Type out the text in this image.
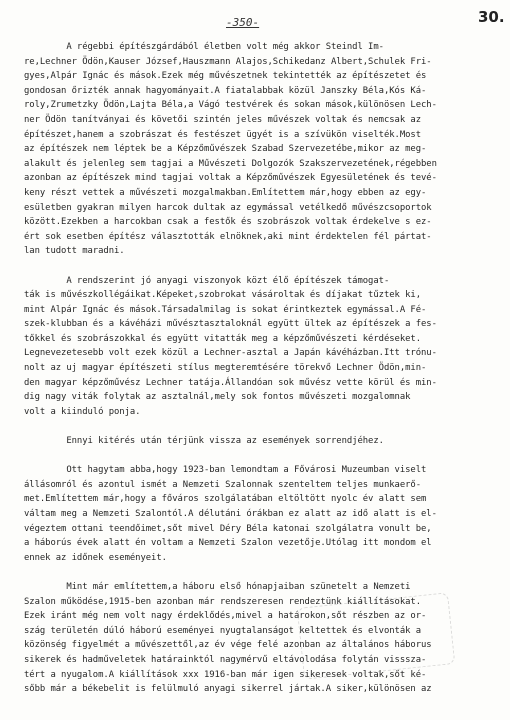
30.
-350-
A régebbi építészgárdából életben volt még akkor Steindl Im-
re,Lechner Ödön,Kauser József,Hauszmann Alajos,Schikedanz Albert,Schulek Fri-
gyes,Alpár Ignác és mások.Ezek még művészetnek tekintették az építészetet és
gondosan őrizték annak hagyományait.A fiatalabbak közül Janszky Béla,Kós Ká-
roly,Zrumetzky Ödön,Lajta Béla,a Vágó testvérek és sokan mások,különösen Lech-
ner Ödön tanítványai és követői szintén jeles művészek voltak és nemcsak az
építészet,hanem a szobrászat és festészet ügyét is a szívükön viselték.Most
az építészek nem léptek be a Képzőművészek Szabad Szervezetébe,mikor az meg-
alakult és jelenleg sem tagjai a Művészeti Dolgozók Szakszervezetének,régebben
azonban az építészek mind tagjai voltak a Képzőművészek Egyesületének és tevé-
keny részt vettek a művészeti mozgalmakban.Említettem már,hogy ebben az egy-
esületben gyakran milyen harcok dultak az egymással vetélkedő művészcsoportok
között.Ezekben a harcokban csak a festők és szobrászok voltak érdekelve s ez-
ért sok esetben építész választották elnöknek,aki mint érdektelen fél pártat-
lan tudott maradni.
A rendszerint jó anyagi viszonyok közt élő építészek támogat-
ták is művészkollégáikat.Képeket,szobrokat vásároltak és díjakat tűztek ki,
mint Alpár Ignác és mások.Társadalmilag is sokat érintkeztek egymással.A Fé-
szek-klubban és a kávéházi művésztasztaloknál együtt ültek az építészek a fes-
tőkkel és szobrászokkal és együtt vitatták meg a képzőművészeti kérdéseket.
Legnevezetesebb volt ezek közül a Lechner-asztal a Japán kávéházban.Itt trónu-
nolt az uj magyar építészeti stílus megteremtésére törekvő Lechner Ödön,min-
den magyar képzőművész Lechner tatája.Állandóan sok művész vette körül és min-
dig nagy viták folytak az asztalnál,mely sok fontos művészeti mozgalomnak
volt a kiinduló ponja.
Ennyi kitérés után térjünk vissza az események sorrendjéhez.
Ott hagytam abba,hogy 1923-ban lemondtam a Fővárosi Muzeumban viselt
állásomról és azontul ismét a Nemzeti Szalonnak szenteltem teljes munkaerő-
met.Említettem már,hogy a főváros szolgálatában eltöltött nyolc év alatt sem
váltam meg a Nemzeti Szalontól.A délutáni órákban ez alatt az idő alatt is el-
végeztem ottani teendőimet,sőt mivel Déry Béla katonai szolgálatra vonult be,
a háborús évek alatt én voltam a Nemzeti Szalon vezetője.Utólag itt mondom el
ennek az időnek eseményeit.
Mint már említettem,a háboru első hónapjaiban szünetelt a Nemzeti
Szalon működése,1915-ben azonban már rendszeresen rendeztünk kiállításokat.
Ezek iránt még nem volt nagy érdeklődés,mivel a határokon,sőt részben az or-
szág területén dúló háború eseményei nyugtalanságot keltettek és elvonták a
közönség figyelmét a művészettől,az év vége felé azonban az általános háborus
sikerek és hadműveletek határainktól nagymérvű eltávolodása folytán visssza-
tért a nyugalom.A kiállítások xxx 1916-ban már igen sikeresek voltak,sőt ké-
sőbb már a békebelit is felülmuló anyagi sikerrel jártak.A siker,különösen az
